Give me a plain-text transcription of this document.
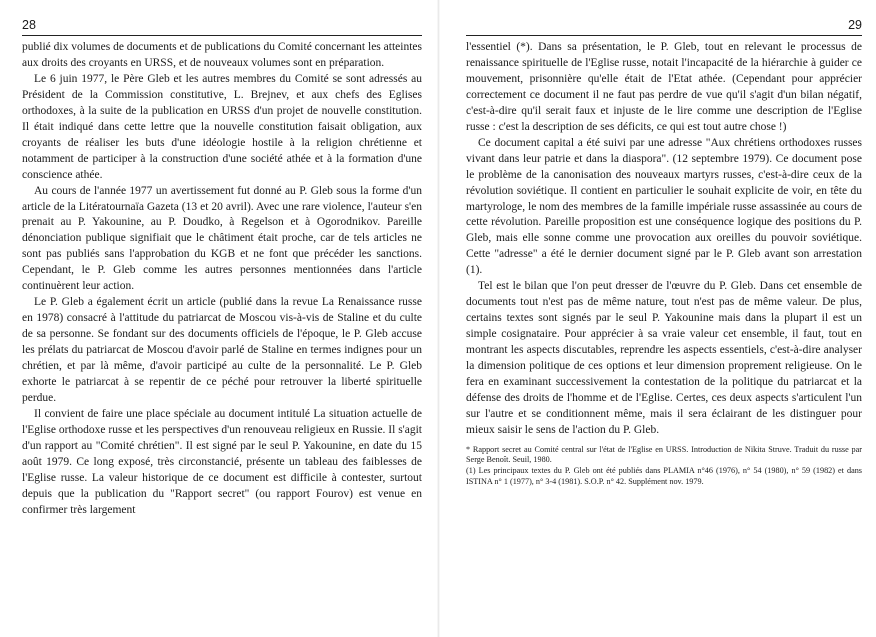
28

publié dix volumes de documents et de publications du Comité concernant les atteintes aux droits des croyants en URSS, et de nouveaux volumes sont en préparation.

Le 6 juin 1977, le Père Gleb et les autres membres du Comité se sont adressés au Président de la Commission constitutive, L. Brejnev, et aux chefs des Eglises orthodoxes, à la suite de la publication en URSS d'un projet de nouvelle constitution. Il était indiqué dans cette lettre que la nouvelle constitution faisait obligation, aux croyants de réaliser les buts d'une idéologie hostile à la religion chrétienne et notamment de participer à la construction d'une société athée et à la formation d'une conscience athée.

Au cours de l'année 1977 un avertissement fut donné au P. Gleb sous la forme d'un article de la Litératournaïa Gazeta (13 et 20 avril). Avec une rare violence, l'auteur s'en prenait au P. Yakounine, au P. Doudko, à Regelson et à Ogorodnikov. Pareille dénonciation publique signifiait que le châtiment était proche, car de tels articles ne sont pas publiés sans l'approbation du KGB et ne font que précéder les sanctions. Cependant, le P. Gleb comme les autres personnes mentionnées dans l'article continuèrent leur action.

Le P. Gleb a également écrit un article (publié dans la revue La Renaissance russe en 1978) consacré à l'attitude du patriarcat de Moscou vis-à-vis de Staline et du culte de sa personne. Se fondant sur des documents officiels de l'époque, le P. Gleb accuse les prélats du patriarcat de Moscou d'avoir parlé de Staline en termes indignes pour un chrétien, et par là même, d'avoir participé au culte de la personnalité. Le P. Gleb exhorte le patriarcat à se repentir de ce péché pour retrouver la liberté spirituelle perdue.

Il convient de faire une place spéciale au document intitulé La situation actuelle de l'Eglise orthodoxe russe et les perspectives d'un renouveau religieux en Russie. Il s'agit d'un rapport au "Comité chrétien". Il est signé par le seul P. Yakounine, en date du 15 août 1979. Ce long exposé, très circonstancié, présente un tableau des faiblesses de l'Eglise russe. La valeur historique de ce document est difficile à contester, surtout depuis que la publication du "Rapport secret" (ou rapport Fourov) est venue en confirmer très largement

29

l'essentiel (*). Dans sa présentation, le P. Gleb, tout en relevant le processus de renaissance spirituelle de l'Eglise russe, notait l'incapacité de la hiérarchie à guider ce mouvement, prisonnière qu'elle était de l'Etat athée. (Cependant pour apprécier correctement ce document il ne faut pas perdre de vue qu'il s'agit d'un bilan négatif, c'est-à-dire qu'il serait faux et injuste de le lire comme une description de l'Eglise russe : c'est la description de ses déficits, ce qui est tout autre chose !)

Ce document capital a été suivi par une adresse "Aux chrétiens orthodoxes russes vivant dans leur patrie et dans la diaspora". (12 septembre 1979). Ce document pose le problème de la canonisation des nouveaux martyrs russes, c'est-à-dire ceux de la révolution soviétique. Il contient en particulier le souhait explicite de voir, en tête du martyrologe, le nom des membres de la famille impériale russe assassinée au cours de cette révolution. Pareille proposition est une conséquence logique des positions du P. Gleb, mais elle sonne comme une provocation aux oreilles du pouvoir soviétique. Cette "adresse" a été le dernier document signé par le P. Gleb avant son arrestation (1).

Tel est le bilan que l'on peut dresser de l'œuvre du P. Gleb. Dans cet ensemble de documents tout n'est pas de même nature, tout n'est pas de même valeur. De plus, certains textes sont signés par le seul P. Yakounine mais dans la plupart il est un simple cosignataire. Pour apprécier à sa vraie valeur cet ensemble, il faut, tout en montrant les aspects discutables, reprendre les aspects essentiels, c'est-à-dire analyser la dimension politique de ces options et leur dimension proprement religieuse. On le fera en examinant successivement la contestation de la politique du patriarcat et la défense des droits de l'homme et de l'Eglise. Certes, ces deux aspects s'articulent l'un sur l'autre et se conditionnent même, mais il sera éclairant de les distinguer pour mieux saisir le sens de l'action du P. Gleb.

* Rapport secret au Comité central sur l'état de l'Eglise en URSS. Introduction de Nikita Struve. Traduit du russe par Serge Benoît. Seuil, 1980.

(1) Les principaux textes du P. Gleb ont été publiés dans PLAMIA n°46 (1976), n° 54 (1980), n° 59 (1982) et dans ISTINA n° 1 (1977), n° 3-4 (1981). S.O.P. n° 42. Supplément nov. 1979.
